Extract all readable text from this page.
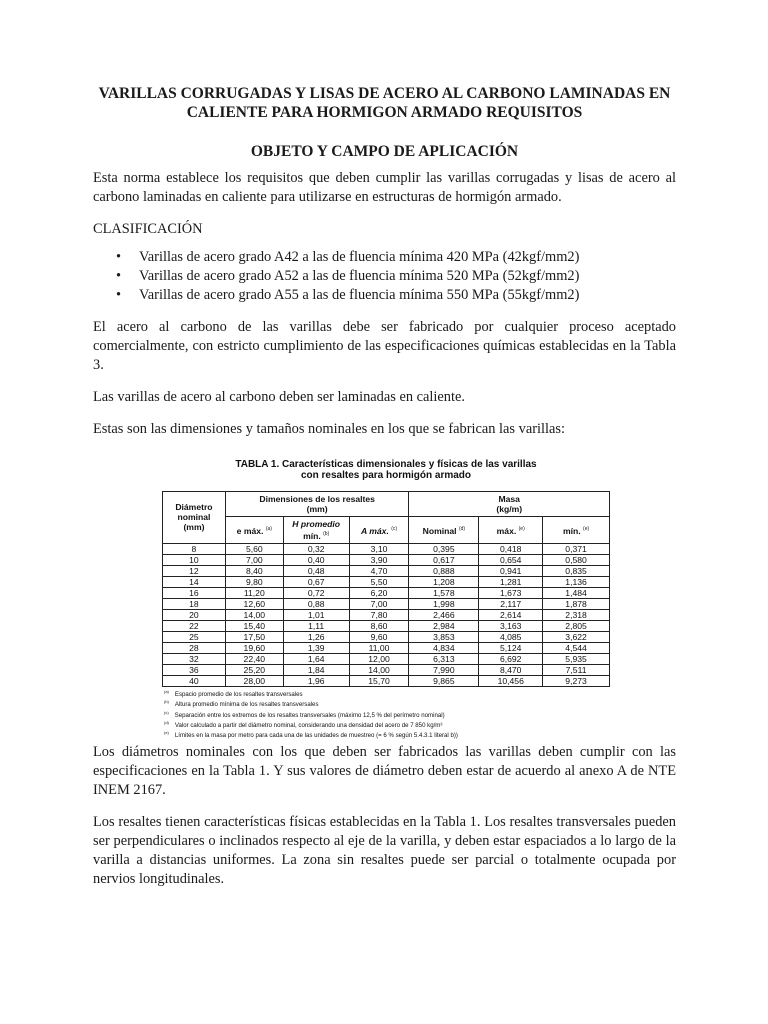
VARILLAS CORRUGADAS Y LISAS DE ACERO AL CARBONO LAMINADAS EN CALIENTE PARA HORMIGON ARMADO REQUISITOS
OBJETO Y CAMPO DE APLICACIÓN

Esta norma establece los requisitos que deben cumplir las varillas corrugadas y lisas de acero al carbono laminadas en caliente para utilizarse en estructuras de hormigón armado.

CLASIFICACIÓN

• Varillas de acero grado A42 a las de fluencia mínima 420 MPa (42kgf/mm2)
• Varillas de acero grado A52 a las de fluencia mínima 520 MPa (52kgf/mm2)
• Varillas de acero grado A55 a las de fluencia mínima 550 MPa (55kgf/mm2)

El acero al carbono de las varillas debe ser fabricado por cualquier proceso aceptado comercialmente, con estricto cumplimiento de las especificaciones químicas establecidas en la Tabla 3.

Las varillas de acero al carbono deben ser laminadas en caliente.

Estas son las dimensiones y tamaños nominales en los que se fabrican las varillas:

TABLA 1. Características dimensionales y físicas de las varillas
con resaltes para hormigón armado

Diámetro
nominal
(mm)	Dimensiones de los resaltes
(mm)			Masa
(kg/m)		
	e máx. $^{(a)}$	H promedio
mín. $^{(b)}$	A máx. $^{(c)}$	Nominal $^{(d)}$	máx. $^{(e)}$	mín. $^{(e)}$
8	5,60	0,32	3,10	0,395	0,418	0,371
10	7,00	0,40	3,90	0,617	0,654	0,580
12	8,40	0,48	4,70	0,888	0,941	0,835
14	9,80	0,67	5,50	1,208	1,281	1,136
16	11,20	0,72	6,20	1,578	1,673	1,484
18	12,60	0,88	7,00	1,998	2,117	1,878
20	14,00	1,01	7,80	2,466	2,614	2,318
22	15,40	1,11	8,60	2,984	3,163	2,805
25	17,50	1,26	9,60	3,853	4,085	3,622
28	19,60	1,39	11,00	4,834	5,124	4,544
32	22,40	1,64	12,00	6,313	6,692	5,935
36	25,20	1,84	14,00	7,990	8,470	7,511
40	28,00	1,96	15,70	9,865	10,456	9,273
$^{(a)}$ Espacio promedio de los resaltes transversales
$^{(b)}$ Altura promedio mínima de los resaltes transversales
$^{(c)}$ Separación entre los extremos de los resaltes transversales (máximo 12,5 % del perímetro nominal)
$^{(d)}$ Valor calculado a partir del diámetro nominal, considerando una densidad del acero de 7 850 kg/m³
$^{(e)}$ Límites en la masa por metro para cada una de las unidades de muestreo (= 6 % según 5.4.3.1 literal b))

Los diámetros nominales con los que deben ser fabricados las varillas deben cumplir con las especificaciones en la Tabla 1. Y sus valores de diámetro deben estar de acuerdo al anexo A de NTE INEM 2167.

Los resaltes tienen características físicas establecidas en la Tabla 1. Los resaltes transversales pueden ser perpendiculares o inclinados respecto al eje de la varilla, y deben estar espaciados a lo largo de la varilla a distancias uniformes. La zona sin resaltes puede ser parcial o totalmente ocupada por nervios longitudinales.
